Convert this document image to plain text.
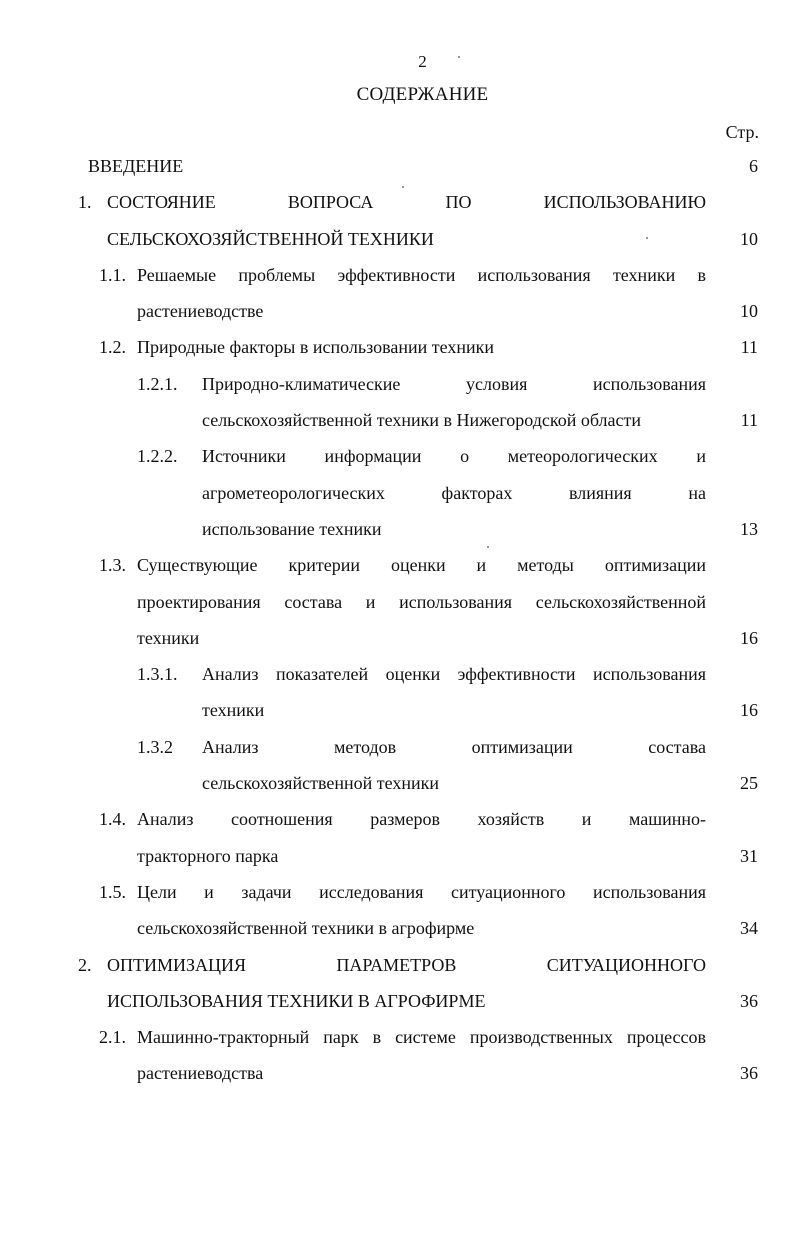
2
СОДЕРЖАНИЕ
Стр.
ВВЕДЕНИЕ	6
1. СОСТОЯНИЕ ВОПРОСА ПО ИСПОЛЬЗОВАНИЮ
СЕЛЬСКОХОЗЯЙСТВЕННОЙ ТЕХНИКИ	10
1.1. Решаемые проблемы эффективности использования техники в
растениеводстве	10
1.2. Природные факторы в использовании техники	11
1.2.1. Природно-климатические условия использования
сельскохозяйственной техники в Нижегородской области	11
1.2.2. Источники информации о метеорологических и
агрометеорологических факторах влияния на
использование техники	13
1.3. Существующие критерии оценки и методы оптимизации
проектирования состава и использования сельскохозяйственной
техники	16
1.3.1. Анализ показателей оценки эффективности использования
техники	16
1.3.2 Анализ методов оптимизации состава
сельскохозяйственной техники	25
1.4. Анализ соотношения размеров хозяйств и машинно-
тракторного парка	31
1.5. Цели и задачи исследования ситуационного использования
сельскохозяйственной техники в агрофирме	34
2. ОПТИМИЗАЦИЯ ПАРАМЕТРОВ СИТУАЦИОННОГО
ИСПОЛЬЗОВАНИЯ ТЕХНИКИ В АГРОФИРМЕ	36
2.1. Машинно-тракторный парк в системе производственных процессов
растениеводства	36
